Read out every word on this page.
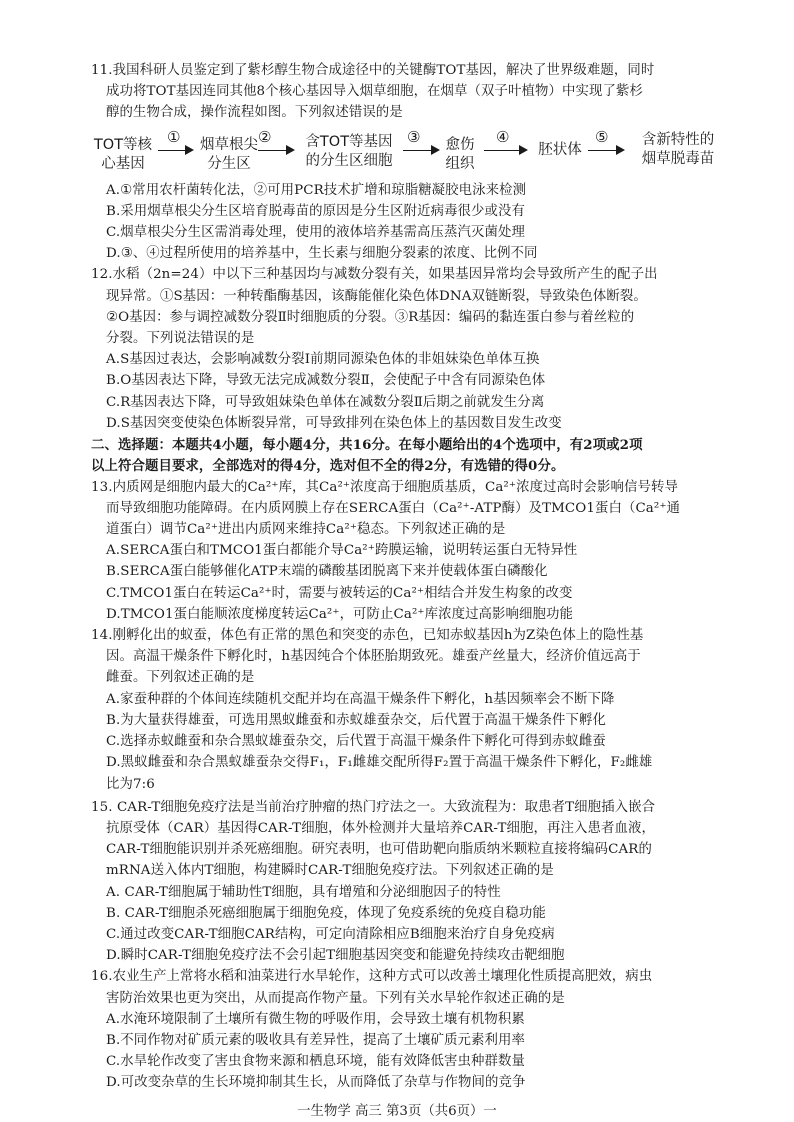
11.我国科研人员鉴定到了紫杉醇生物合成途径中的关键酶TOT基因，解决了世界级难题，同时
成功将TOT基因连同其他8个核心基因导入烟草细胞，在烟草（双子叶植物）中实现了紫杉
醇的生物合成，操作流程如图。下列叙述错误的是
TOT等核
心基因
①	烟草根尖
分生区
②	含TOT等基因
的分生区细胞
③ 愈伤
组织
④
胚状体
⑤	含新特性的
烟草脱毒苗
A.①常用农杆菌转化法，②可用PCR技术扩增和琼脂糖凝胶电泳来检测
B.采用烟草根尖分生区培育脱毒苗的原因是分生区附近病毒很少或没有
C.烟草根尖分生区需消毒处理，使用的液体培养基需高压蒸汽灭菌处理
D.③、④过程所使用的培养基中，生长素与细胞分裂素的浓度、比例不同
12.水稻（2n=24）中以下三种基因均与减数分裂有关，如果基因异常均会导致所产生的配子出
现异常。①S基因：一种转酯酶基因，该酶能催化染色体DNA双链断裂，导致染色体断裂。
②O基因：参与调控减数分裂Ⅱ时细胞质的分裂。③R基因：编码的黏连蛋白参与着丝粒的
分裂。下列说法错误的是
A.S基因过表达，会影响减数分裂Ⅰ前期同源染色体的非姐妹染色单体互换
B.O基因表达下降，导致无法完成减数分裂Ⅱ，会使配子中含有同源染色体
C.R基因表达下降，可导致姐妹染色单体在减数分裂Ⅱ后期之前就发生分离
D.S基因突变使染色体断裂异常，可导致排列在染色体上的基因数目发生改变
二、选择题：本题共4小题，每小题4分，共16分。在每小题给出的4个选项中，有2项或2项
以上符合题目要求，全部选对的得4分，选对但不全的得2分，有选错的得0分。
13.内质网是细胞内最大的Ca²⁺库，其Ca²⁺浓度高于细胞质基质，Ca²⁺浓度过高时会影响信号转导
而导致细胞功能障碍。在内质网膜上存在SERCA蛋白（Ca²⁺-ATP酶）及TMCO1蛋白（Ca²⁺通
道蛋白）调节Ca²⁺进出内质网来维持Ca²⁺稳态。下列叙述正确的是
A.SERCA蛋白和TMCO1蛋白都能介导Ca²⁺跨膜运输，说明转运蛋白无特异性
B.SERCA蛋白能够催化ATP末端的磷酸基团脱离下来并使载体蛋白磷酸化
C.TMCO1蛋白在转运Ca²⁺时，需要与被转运的Ca²⁺相结合并发生构象的改变
D.TMCO1蛋白能顺浓度梯度转运Ca²⁺，可防止Ca²⁺库浓度过高影响细胞功能
14.刚孵化出的蚁蚕，体色有正常的黑色和突变的赤色，已知赤蚁基因h为Z染色体上的隐性基
因。高温干燥条件下孵化时，h基因纯合个体胚胎期致死。雄蚕产丝量大，经济价值远高于
雌蚕。下列叙述正确的是
A.家蚕种群的个体间连续随机交配并均在高温干燥条件下孵化，h基因频率会不断下降
B.为大量获得雄蚕，可选用黑蚁雌蚕和赤蚁雄蚕杂交，后代置于高温干燥条件下孵化
C.选择赤蚁雌蚕和杂合黑蚁雄蚕杂交，后代置于高温干燥条件下孵化可得到赤蚁雌蚕
D.黑蚁雌蚕和杂合黑蚁雄蚕杂交得F₁，F₁雌雄交配所得F₂置于高温干燥条件下孵化，F₂雌雄
比为7:6
15. CAR-T细胞免疫疗法是当前治疗肿瘤的热门疗法之一。大致流程为：取患者T细胞插入嵌合
抗原受体（CAR）基因得CAR-T细胞，体外检测并大量培养CAR-T细胞，再注入患者血液，
CAR-T细胞能识别并杀死癌细胞。研究表明，也可借助靶向脂质纳米颗粒直接将编码CAR的
mRNA送入体内T细胞，构建瞬时CAR-T细胞免疫疗法。下列叙述正确的是
A. CAR-T细胞属于辅助性T细胞，具有增殖和分泌细胞因子的特性
B. CAR-T细胞杀死癌细胞属于细胞免疫，体现了免疫系统的免疫自稳功能
C.通过改变CAR-T细胞CAR结构，可定向清除相应B细胞来治疗自身免疫病
D.瞬时CAR-T细胞免疫疗法不会引起T细胞基因突变和能避免持续攻击靶细胞
16.农业生产上常将水稻和油菜进行水旱轮作，这种方式可以改善土壤理化性质提高肥效，病虫
害防治效果也更为突出，从而提高作物产量。下列有关水旱轮作叙述正确的是
A.水淹环境限制了土壤所有微生物的呼吸作用，会导致土壤有机物积累
B.不同作物对矿质元素的吸收具有差异性，提高了土壤矿质元素利用率
C.水旱轮作改变了害虫食物来源和栖息环境，能有效降低害虫种群数量
D.可改变杂草的生长环境抑制其生长，从而降低了杂草与作物间的竞争
一生物学 高三 第3页（共6页）一
